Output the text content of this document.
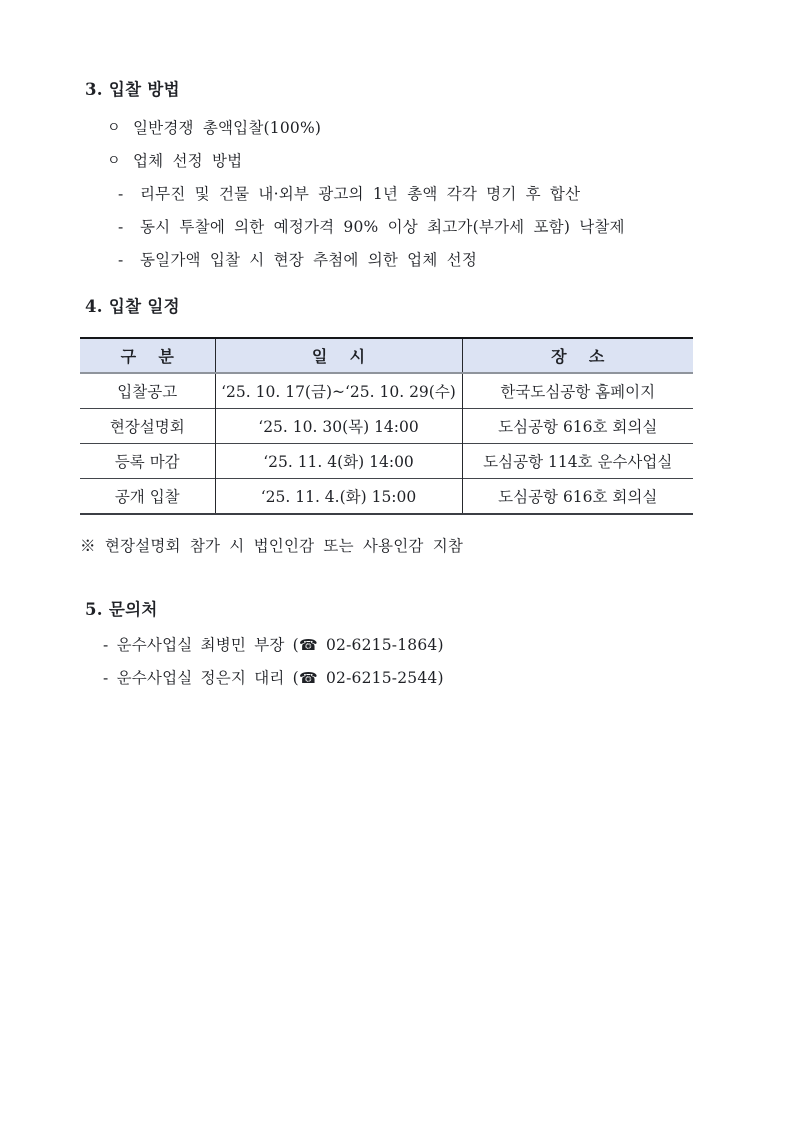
3. 입찰 방법
ㅇ 일반경쟁 총액입찰(100%)
ㅇ 업체 선정 방법
-	리무진 및 건물 내·외부 광고의 1년 총액 각각 명기 후 합산
-	동시 투찰에 의한 예정가격 90% 이상 최고가(부가세 포함) 낙찰제
-	동일가액 입찰 시 현장 추첨에 의한 업체 선정
4. 입찰 일정
구    분	일    시	장    소
입찰공고	‘25. 10. 17(금)~‘25. 10. 29(수)	한국도심공항 홈페이지
현장설명회	‘25. 10. 30(목) 14:00	도심공항 616호 회의실
등록 마감	‘25. 11. 4(화) 14:00	도심공항 114호 운수사업실
공개 입찰	‘25. 11. 4.(화) 15:00	도심공항 616호 회의실
※ 현장설명회 참가 시 법인인감 또는 사용인감 지참
5. 문의처
- 운수사업실 최병민 부장 (☎ 02-6215-1864)
- 운수사업실 정은지 대리 (☎ 02-6215-2544)
